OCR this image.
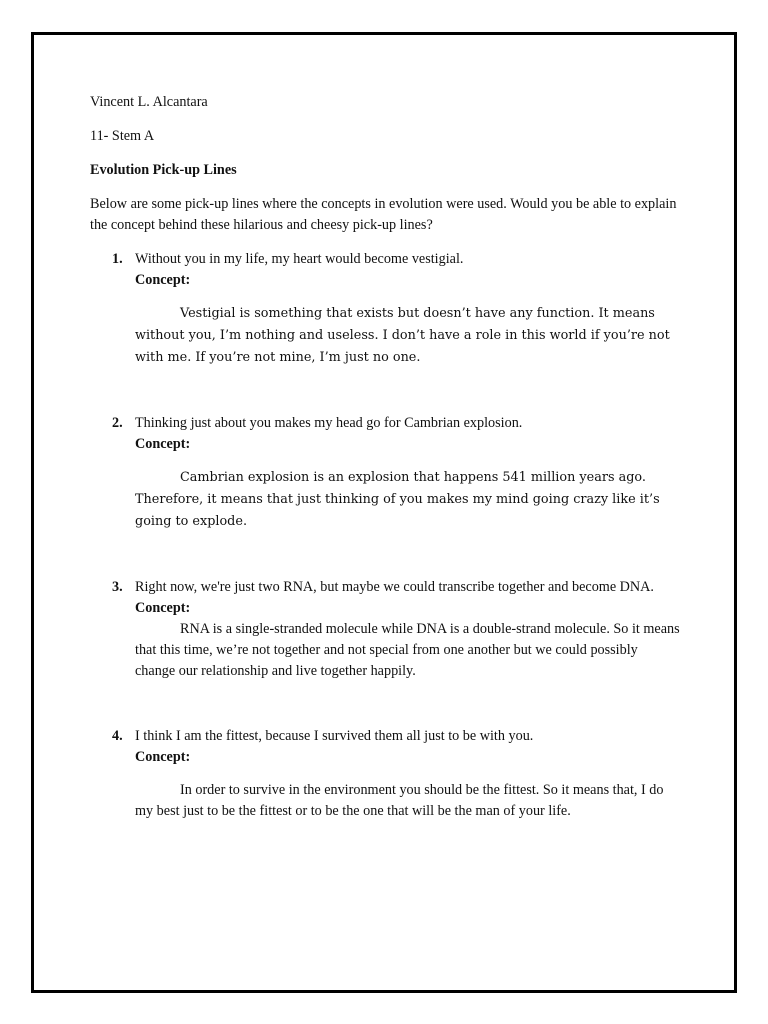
Vincent L. Alcantara

11- Stem A

Evolution Pick-up Lines

Below are some pick-up lines where the concepts in evolution were used. Would you be able to explain the concept behind these hilarious and cheesy pick-up lines?

1. Without you in my life, my heart would become vestigial.

Concept:

Vestigial is something that exists but doesn’t have any function. It means without you, I’m nothing and useless. I don’t have a role in this world if you’re not with me. If you’re not mine, I’m just no one.

2. Thinking just about you makes my head go for Cambrian explosion.

Concept:

Cambrian explosion is an explosion that happens 541 million years ago. Therefore, it means that just thinking of you makes my mind going crazy like it’s going to explode.

3. Right now, we're just two RNA, but maybe we could transcribe together and become DNA.

Concept:

RNA is a single-stranded molecule while DNA is a double-strand molecule. So it means that this time, we’re not together and not special from one another but we could possibly change our relationship and live together happily.

4. I think I am the fittest, because I survived them all just to be with you.

Concept:

In order to survive in the environment you should be the fittest. So it means that, I do my best just to be the fittest or to be the one that will be the man of your life.
